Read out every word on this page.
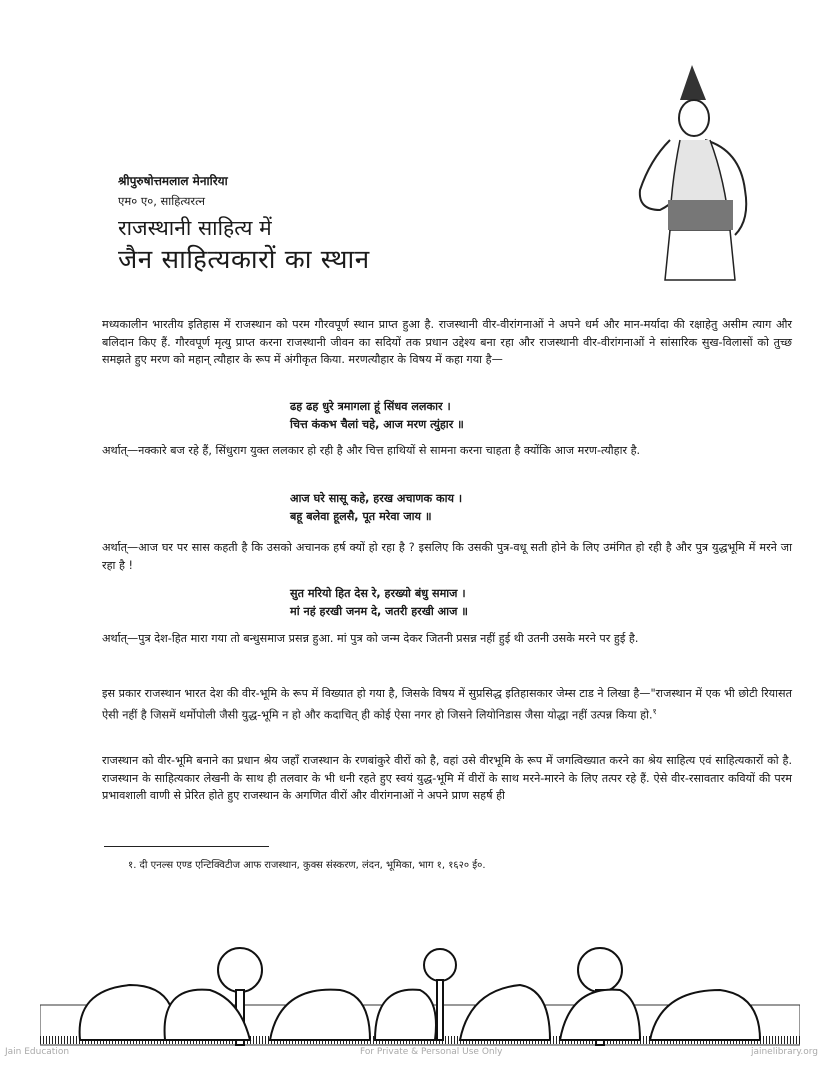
श्रीपुरुषोत्तमलाल मेनारिया
एम० ए०, साहित्यरत्न
राजस्थानी साहित्य में
जैन साहित्यकारों का स्थान
मध्यकालीन भारतीय इतिहास में राजस्थान को परम गौरवपूर्ण स्थान प्राप्त हुआ है. राजस्थानी वीर-वीरांगनाओं ने अपने धर्म और मान-मर्यादा की रक्षाहेतु असीम त्याग और बलिदान किए हैं. गौरवपूर्ण मृत्यु प्राप्त करना राजस्थानी जीवन का सदियों तक प्रधान उद्देश्य बना रहा और राजस्थानी वीर-वीरांगनाओं ने सांसारिक सुख-विलासों को तुच्छ समझते हुए मरण को महान् त्यौहार के रूप में अंगीकृत किया. मरणत्यौहार के विषय में कहा गया है—
ढह ढह धुरे त्रमागला हूं सिंधव ललकार ।
चित्त कंकभ चैलां चहे, आज मरण त्युंहार ॥
अर्थात्—नक्कारे बज रहे हैं, सिंधुराग युक्त ललकार हो रही है और चित्त हाथियों से सामना करना चाहता है क्योंकि आज मरण-त्यौहार है.
आज घरे सासू कहे, हरख अचाणक काय ।
बहू बलेवा हूलसै, पूत मरेवा जाय ॥
अर्थात्—आज घर पर सास कहती है कि उसको अचानक हर्ष क्यों हो रहा है ? इसलिए कि उसकी पुत्र-वधू सती होने के लिए उमंगित हो रही है और पुत्र युद्धभूमि में मरने जा रहा है !
सुत मरियो हित देस रे, हरख्यो बंधु समाज ।
मां नहं हरखी जनम दे, जतरी हरखी आज ॥
अर्थात्—पुत्र देश-हित मारा गया तो बन्धुसमाज प्रसन्न हुआ. मां पुत्र को जन्म देकर जितनी प्रसन्न नहीं हुई थी उतनी उसके मरने पर हुई है.
इस प्रकार राजस्थान भारत देश की वीर-भूमि के रूप में विख्यात हो गया है, जिसके विषय में सुप्रसिद्ध इतिहासकार जेम्स टाड ने लिखा है—"राजस्थान में एक भी छोटी रियासत ऐसी नहीं है जिसमें थर्मोपोली जैसी युद्ध-भूमि न हो और कदाचित् ही कोई ऐसा नगर हो जिसने लियोनिडास जैसा योद्धा नहीं उत्पन्न किया हो.$^१$
राजस्थान को वीर-भूमि बनाने का प्रधान श्रेय जहाँ राजस्थान के रणबांकुरे वीरों को है, वहां उसे वीरभूमि के रूप में जगत्विख्यात करने का श्रेय साहित्य एवं साहित्यकारों को है. राजस्थान के साहित्यकार लेखनी के साथ ही तलवार के भी धनी रहते हुए स्वयं युद्ध-भूमि में वीरों के साथ मरने-मारने के लिए तत्पर रहे हैं. ऐसे वीर-रसावतार कवियों की परम प्रभावशाली वाणी से प्रेरित होते हुए राजस्थान के अगणित वीरों और वीरांगनाओं ने अपने प्राण सहर्ष ही
१. दी एनल्स एण्ड एन्टिक्विटीज आफ राजस्थान, कुक्स संस्करण, लंदन, भूमिका, भाग १, १६२० ई०.
Jain Education	For Private & Personal Use Only	jainelibrary.org
